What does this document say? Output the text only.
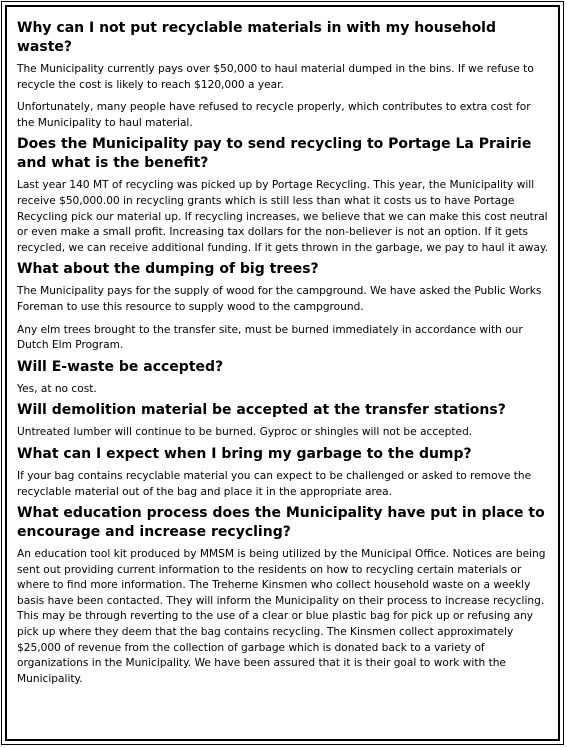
Why can I not put recyclable materials in with my household waste?

The Municipality currently pays over $50,000 to haul material dumped in the bins. If we refuse to recycle the cost is likely to reach $120,000 a year.

Unfortunately, many people have refused to recycle properly, which contributes to extra cost for the Municipality to haul material.

Does the Municipality pay to send recycling to Portage La Prairie and what is the benefit?

Last year 140 MT of recycling was picked up by Portage Recycling. This year, the Municipality will receive $50,000.00 in recycling grants which is still less than what it costs us to have Portage Recycling pick our material up. If recycling increases, we believe that we can make this cost neutral or even make a small profit. Increasing tax dollars for the non-believer is not an option. If it gets recycled, we can receive additional funding. If it gets thrown in the garbage, we pay to haul it away.

What about the dumping of big trees?

The Municipality pays for the supply of wood for the campground. We have asked the Public Works Foreman to use this resource to supply wood to the campground.

Any elm trees brought to the transfer site, must be burned immediately in accordance with our Dutch Elm Program.

Will E-waste be accepted?

Yes, at no cost.

Will demolition material be accepted at the transfer stations?

Untreated lumber will continue to be burned. Gyproc or shingles will not be accepted.

What can I expect when I bring my garbage to the dump?

If your bag contains recyclable material you can expect to be challenged or asked to remove the recyclable material out of the bag and place it in the appropriate area.

What education process does the Municipality have put in place to encourage and increase recycling?

An education tool kit produced by MMSM is being utilized by the Municipal Office. Notices are being sent out providing current information to the residents on how to recycling certain materials or where to find more information. The Treherne Kinsmen who collect household waste on a weekly basis have been contacted. They will inform the Municipality on their process to increase recycling. This may be through reverting to the use of a clear or blue plastic bag for pick up or refusing any pick up where they deem that the bag contains recycling. The Kinsmen collect approximately $25,000 of revenue from the collection of garbage which is donated back to a variety of organizations in the Municipality. We have been assured that it is their goal to work with the Municipality.
